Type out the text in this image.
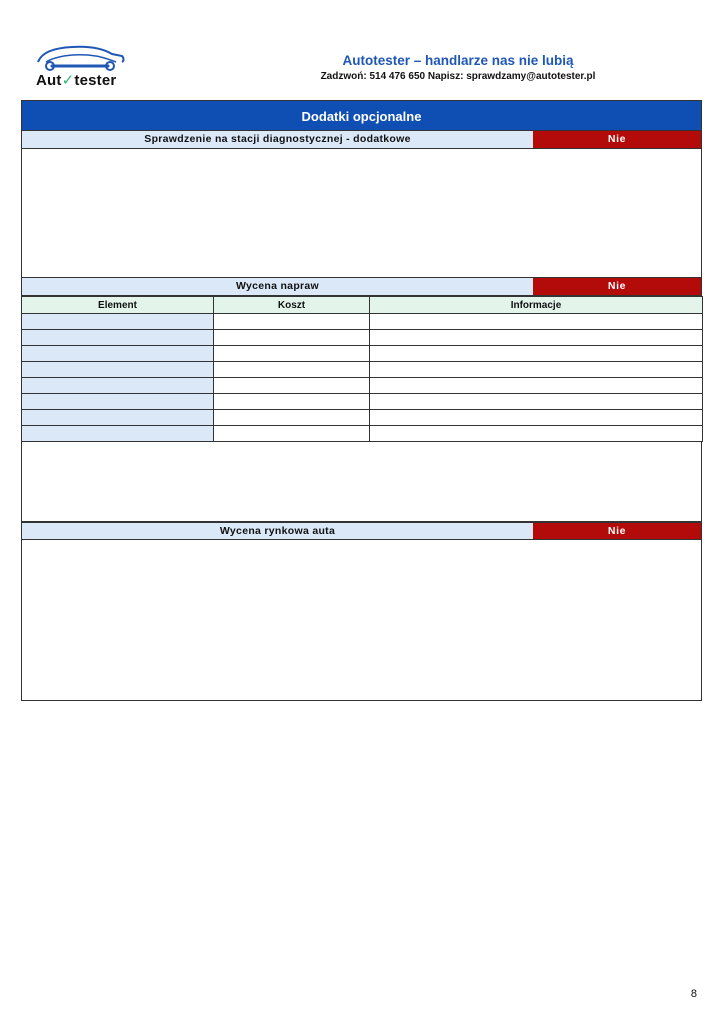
Aut✓tester
Autotester – handlarze nas nie lubią
Zadzwoń: 514 476 650 Napisz: sprawdzamy@autotester.pl
Dodatki opcjonalne
Sprawdzenie na stacji diagnostycznej - dodatkowe	Nie
Wycena napraw	Nie
Element	Koszt	Informacje

Wycena rynkowa auta	Nie
8
